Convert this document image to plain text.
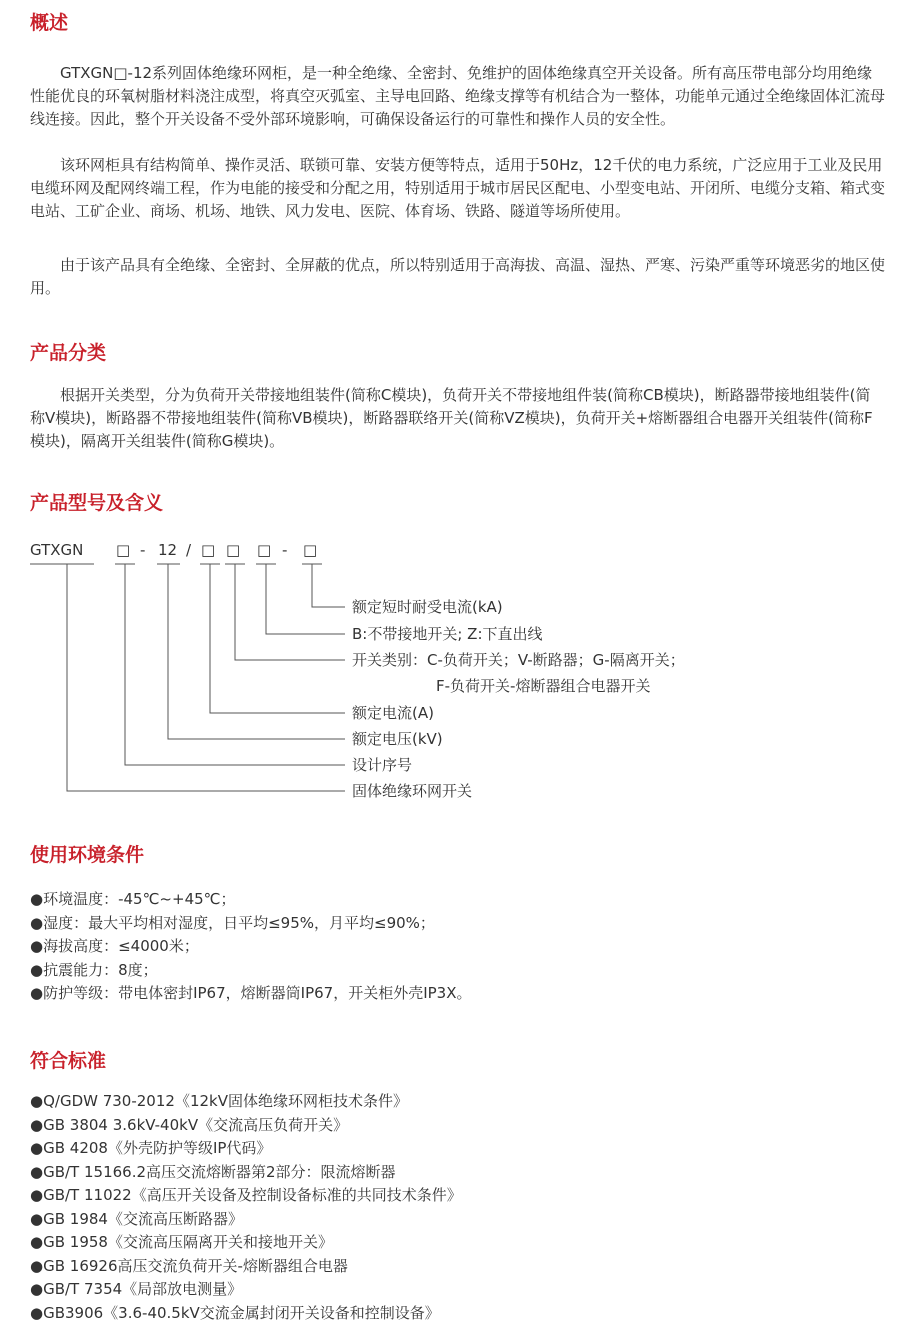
概述

GTXGN□-12系列固体绝缘环网柜，是一种全绝缘、全密封、免维护的固体绝缘真空开关设备。所有高压带电部分均用绝缘性能优良的环氧树脂材料浇注成型，将真空灭弧室、主导电回路、绝缘支撑等有机结合为一整体，功能单元通过全绝缘固体汇流母线连接。因此，整个开关设备不受外部环境影响，可确保设备运行的可靠性和操作人员的安全性。

该环网柜具有结构简单、操作灵活、联锁可靠、安装方便等特点，适用于50Hz，12千伏的电力系统，广泛应用于工业及民用电缆环网及配网终端工程，作为电能的接受和分配之用，特别适用于城市居民区配电、小型变电站、开闭所、电缆分支箱、箱式变电站、工矿企业、商场、机场、地铁、风力发电、医院、体育场、铁路、隧道等场所使用。

由于该产品具有全绝缘、全密封、全屏蔽的优点，所以特别适用于高海拔、高温、湿热、严寒、污染严重等环境恶劣的地区使用。

产品分类

根据开关类型，分为负荷开关带接地组装件(简称C模块)，负荷开关不带接地组件装(简称CB模块)，断路器带接地组装件(简称V模块)，断路器不带接地组装件(简称VB模块)，断路器联络开关(简称VZ模块)，负荷开关+熔断器组合电器开关组装件(简称F模块)，隔离开关组装件(简称G模块)。

产品型号及含义
GTXGN □ - 12 / □ □ □ - □
额定短时耐受电流(kA)
B:不带接地开关; Z:下直出线
开关类别：C-负荷开关；V-断路器；G-隔离开关；
F-负荷开关-熔断器组合电器开关
额定电流(A)
额定电压(kV)
设计序号
固体绝缘环网开关
使用环境条件
●环境温度：-45℃~+45℃；
●湿度：最大平均相对湿度，日平均≤95%，月平均≤90%；
●海拔高度：≤4000米；
●抗震能力：8度；
●防护等级：带电体密封IP67，熔断器筒IP67，开关柜外壳IP3X。
符合标准
●Q/GDW 730-2012《12kV固体绝缘环网柜技术条件》
●GB 3804 3.6kV-40kV《交流高压负荷开关》
●GB 4208《外壳防护等级IP代码》
●GB/T 15166.2高压交流熔断器第2部分：限流熔断器
●GB/T 11022《高压开关设备及控制设备标准的共同技术条件》
●GB 1984《交流高压断路器》
●GB 1958《交流高压隔离开关和接地开关》
●GB 16926高压交流负荷开关-熔断器组合电器
●GB/T 7354《局部放电测量》
●GB3906《3.6-40.5kV交流金属封闭开关设备和控制设备》
